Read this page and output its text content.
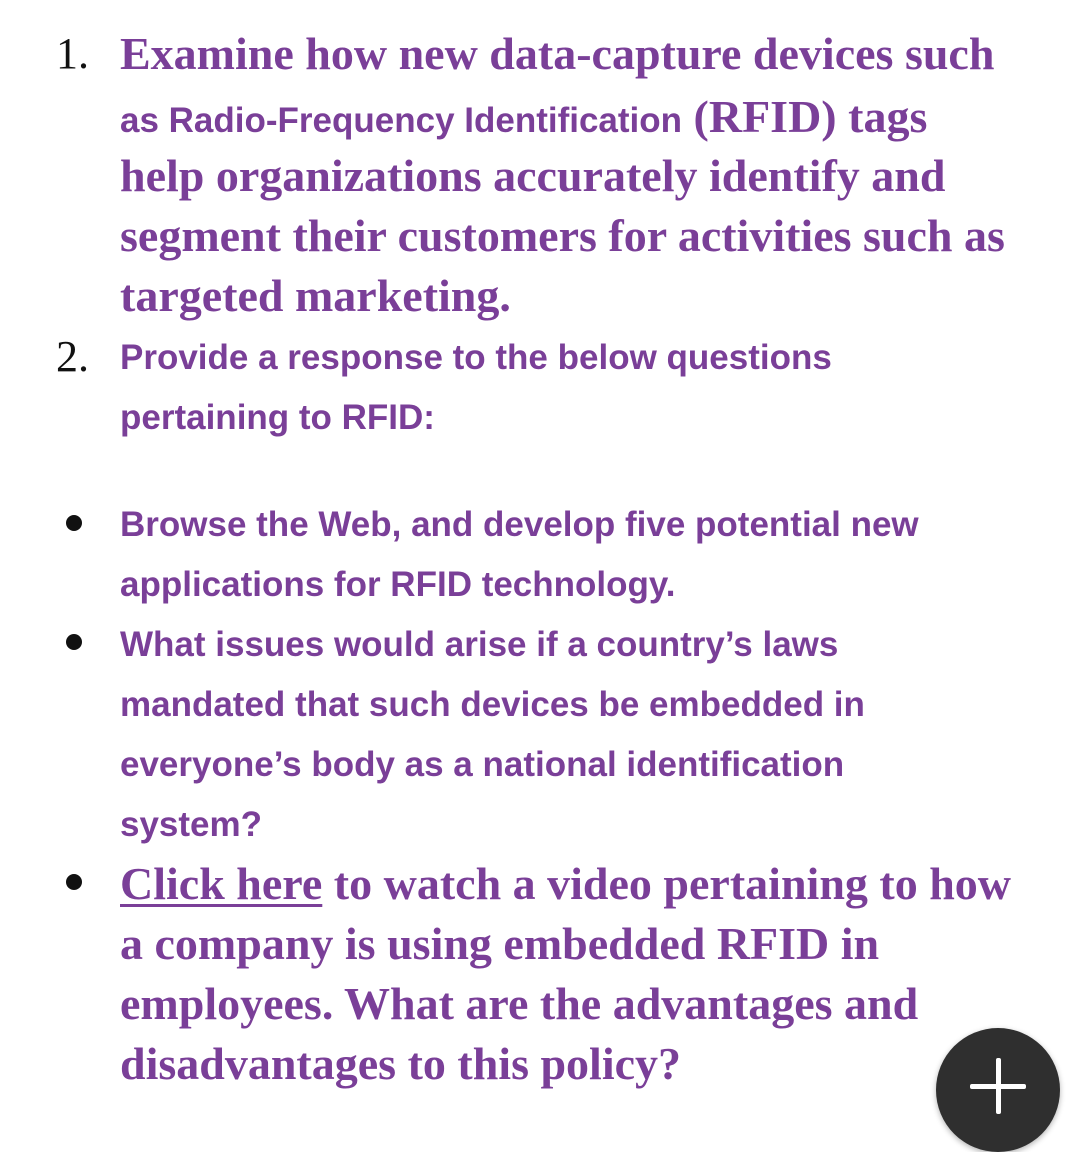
1. Examine how new data-capture devices such
as Radio-Frequency Identification (RFID) tags
help organizations accurately identify and
segment their customers for activities such as
targeted marketing.
2. Provide a response to the below questions
pertaining to RFID:
Browse the Web, and develop five potential new
applications for RFID technology.
What issues would arise if a country’s laws
mandated that such devices be embedded in
everyone’s body as a national identification
system?
Click here to watch a video pertaining to how
a company is using embedded RFID in
employees. What are the advantages and
disadvantages to this policy?
